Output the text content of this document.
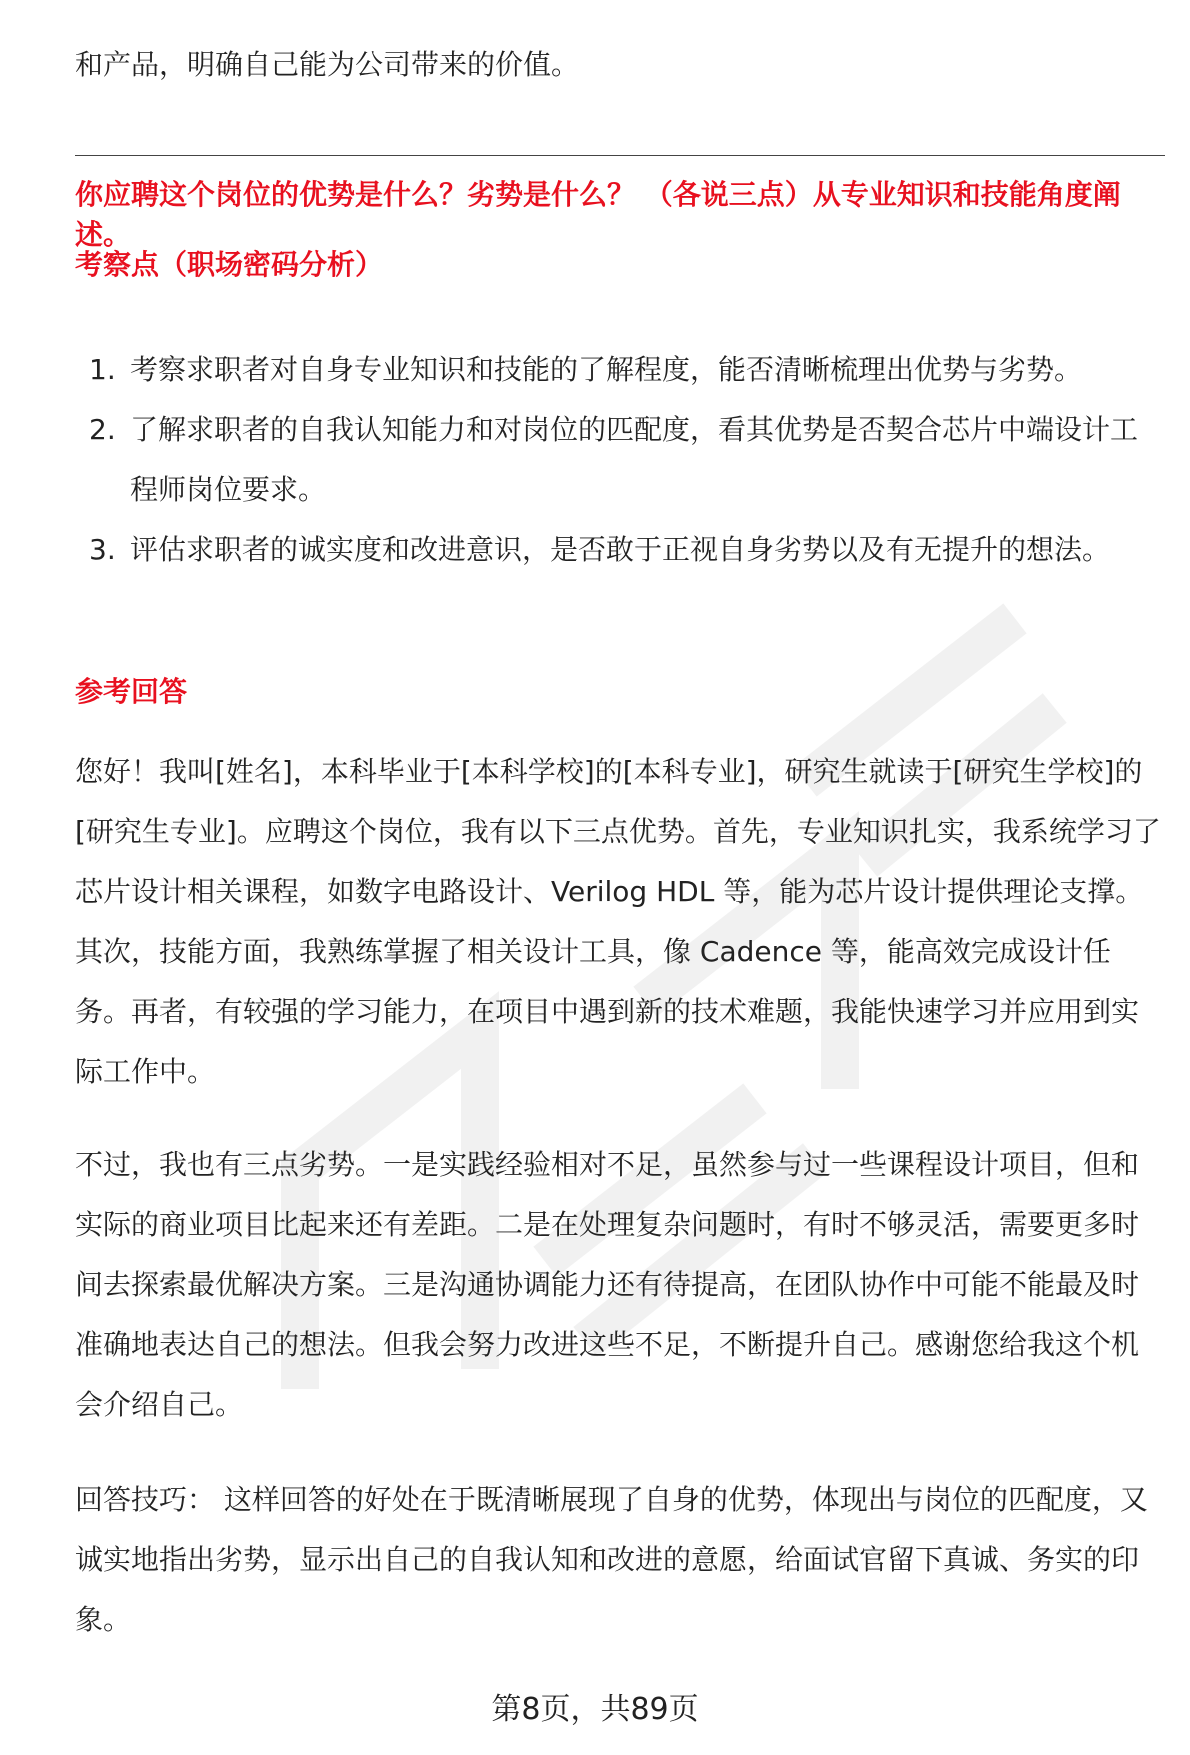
和产品，明确自己能为公司带来的价值。
你应聘这个岗位的优势是什么？劣势是什么？ （各说三点）从专业知识和技能角度阐述。
考察点（职场密码分析）
1. 考察求职者对自身专业知识和技能的了解程度，能否清晰梳理出优势与劣势。
2. 了解求职者的自我认知能力和对岗位的匹配度，看其优势是否契合芯片中端设计工程师岗位要求。
3. 评估求职者的诚实度和改进意识，是否敢于正视自身劣势以及有无提升的想法。
参考回答
您好！我叫[姓名]，本科毕业于[本科学校]的[本科专业]，研究生就读于[研究生学校]的[研究生专业]。应聘这个岗位，我有以下三点优势。首先，专业知识扎实，我系统学习了芯片设计相关课程，如数字电路设计、Verilog HDL 等，能为芯片设计提供理论支撑。其次，技能方面，我熟练掌握了相关设计工具，像 Cadence 等，能高效完成设计任务。再者，有较强的学习能力，在项目中遇到新的技术难题，我能快速学习并应用到实际工作中。
不过，我也有三点劣势。一是实践经验相对不足，虽然参与过一些课程设计项目，但和实际的商业项目比起来还有差距。二是在处理复杂问题时，有时不够灵活，需要更多时间去探索最优解决方案。三是沟通协调能力还有待提高，在团队协作中可能不能最及时准确地表达自己的想法。但我会努力改进这些不足，不断提升自己。感谢您给我这个机会介绍自己。
回答技巧： 这样回答的好处在于既清晰展现了自身的优势，体现出与岗位的匹配度，又诚实地指出劣势，显示出自己的自我认知和改进的意愿，给面试官留下真诚、务实的印象。
第8页，共89页
